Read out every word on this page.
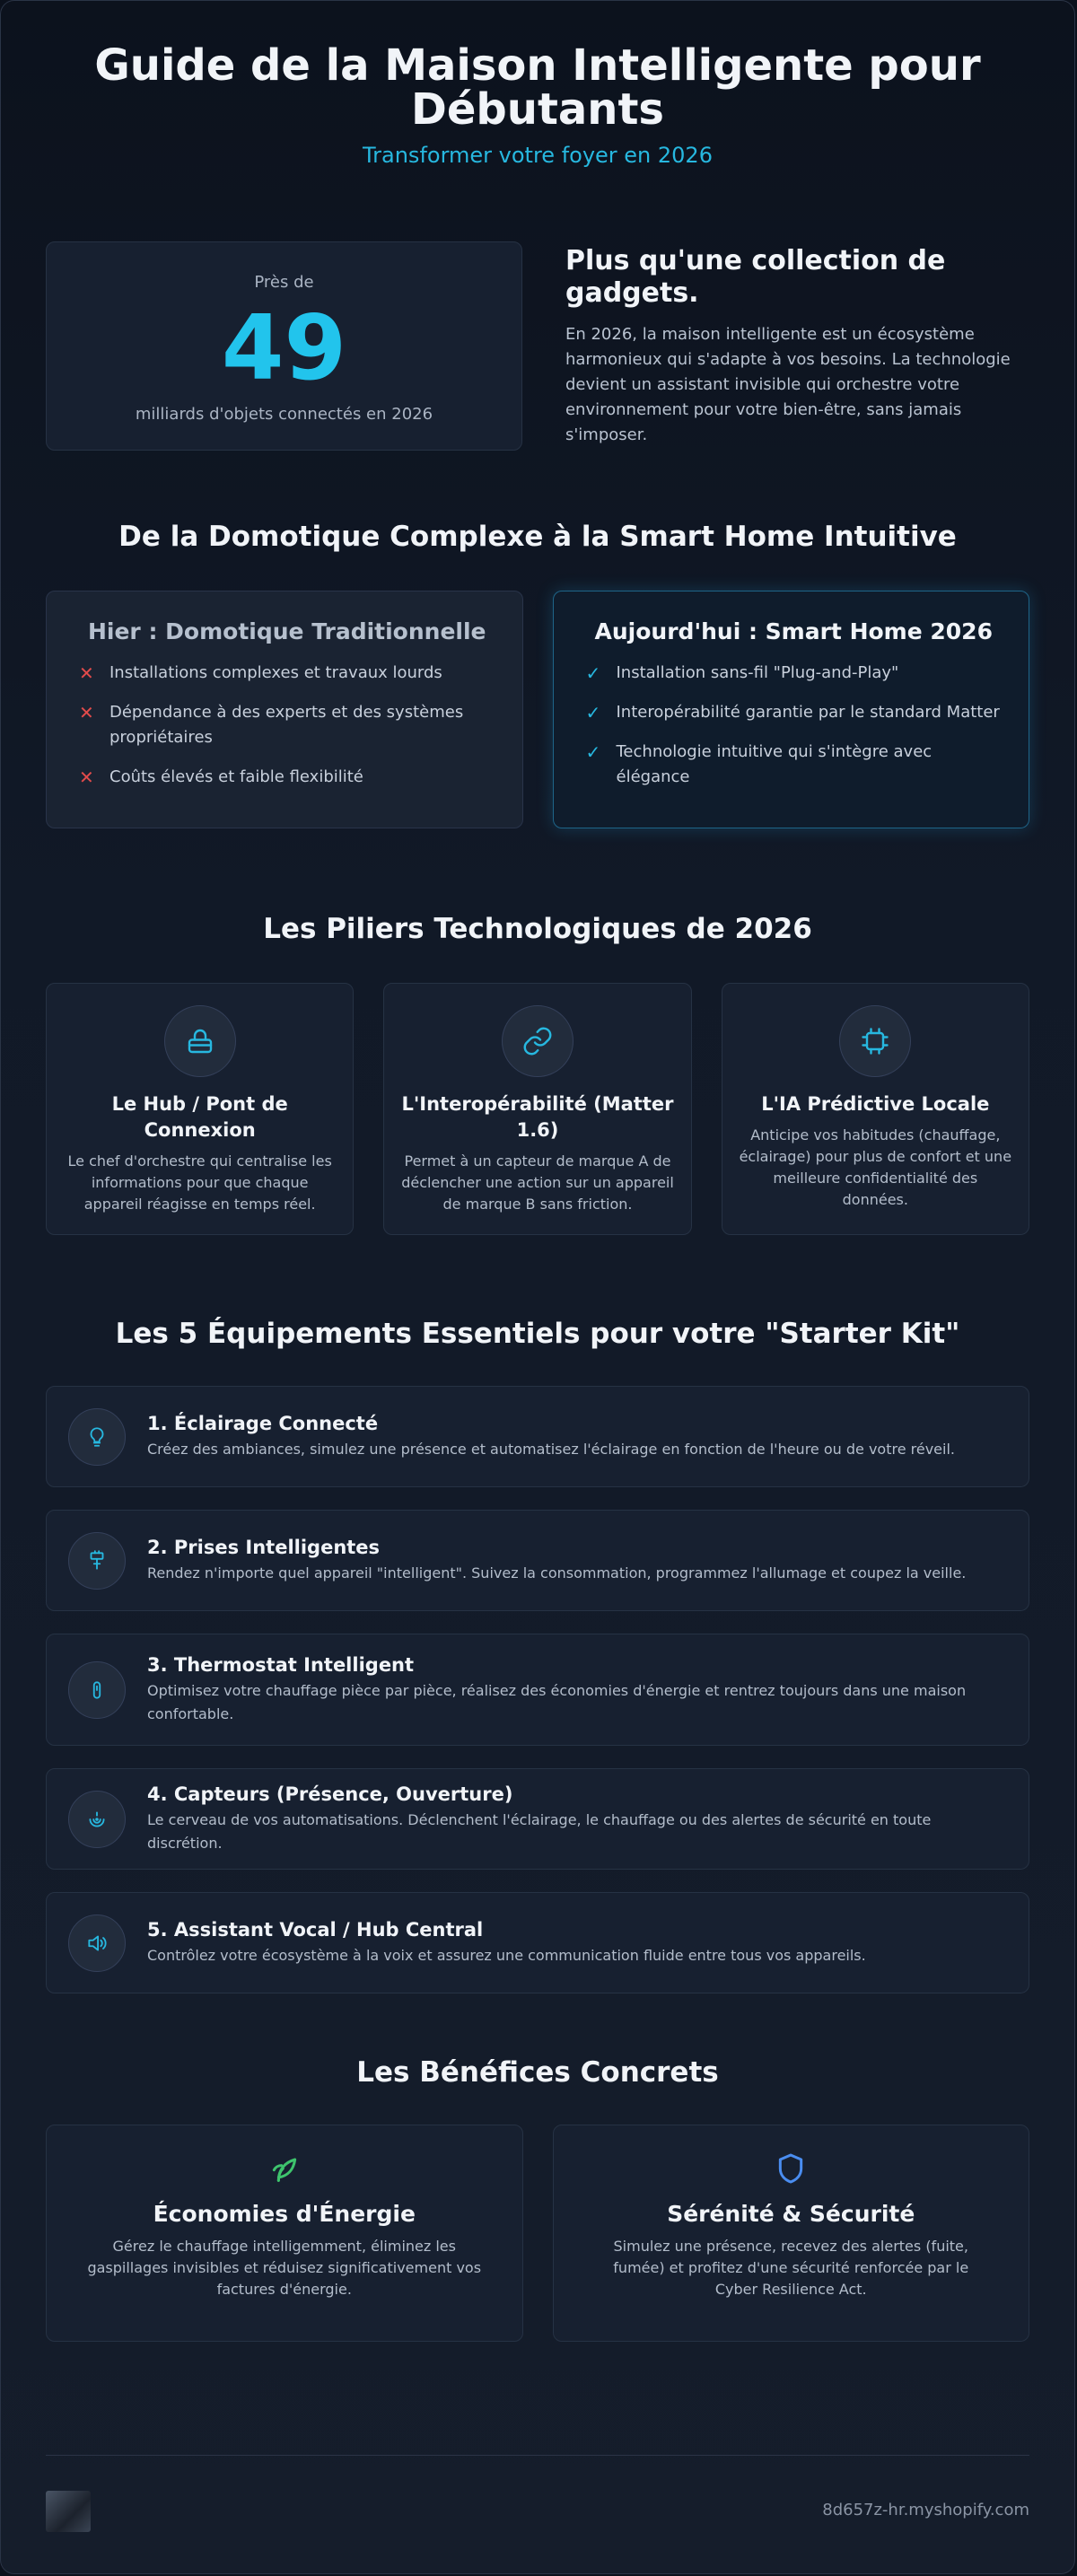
Guide de la Maison Intelligente pour Débutants
Transformer votre foyer en 2026
Près de
49
milliards d'objets connectés en 2026
Plus qu'une collection de gadgets.

En 2026, la maison intelligente est un écosystème harmonieux qui s'adapte à vos besoins. La technologie devient un assistant invisible qui orchestre votre environnement pour votre bien-être, sans jamais s'imposer.

De la Domotique Complexe à la Smart Home Intuitive
Hier : Domotique Traditionnelle
✕ Installations complexes et travaux lourds
✕ Dépendance à des experts et des systèmes propriétaires
✕ Coûts élevés et faible flexibilité
Aujourd'hui : Smart Home 2026
✓ Installation sans-fil "Plug-and-Play"
✓ Interopérabilité garantie par le standard Matter
✓ Technologie intuitive qui s'intègre avec élégance
Les Piliers Technologiques de 2026
Le Hub / Pont de Connexion

Le chef d'orchestre qui centralise les informations pour que chaque appareil réagisse en temps réel.

L'Interopérabilité (Matter 1.6)

Permet à un capteur de marque A de déclencher une action sur un appareil de marque B sans friction.

L'IA Prédictive Locale

Anticipe vos habitudes (chauffage, éclairage) pour plus de confort et une meilleure confidentialité des données.

Les 5 Équipements Essentiels pour votre "Starter Kit"
1. Éclairage Connecté

Créez des ambiances, simulez une présence et automatisez l'éclairage en fonction de l'heure ou de votre réveil.

2. Prises Intelligentes

Rendez n'importe quel appareil "intelligent". Suivez la consommation, programmez l'allumage et coupez la veille.

3. Thermostat Intelligent

Optimisez votre chauffage pièce par pièce, réalisez des économies d'énergie et rentrez toujours dans une maison confortable.

4. Capteurs (Présence, Ouverture)

Le cerveau de vos automatisations. Déclenchent l'éclairage, le chauffage ou des alertes de sécurité en toute discrétion.

5. Assistant Vocal / Hub Central

Contrôlez votre écosystème à la voix et assurez une communication fluide entre tous vos appareils.

Les Bénéfices Concrets
Économies d'Énergie

Gérez le chauffage intelligemment, éliminez les gaspillages invisibles et réduisez significativement vos factures d'énergie.

Sérénité & Sécurité

Simulez une présence, recevez des alertes (fuite, fumée) et profitez d'une sécurité renforcée par le Cyber Resilience Act.

8d657z-hr.myshopify.com
